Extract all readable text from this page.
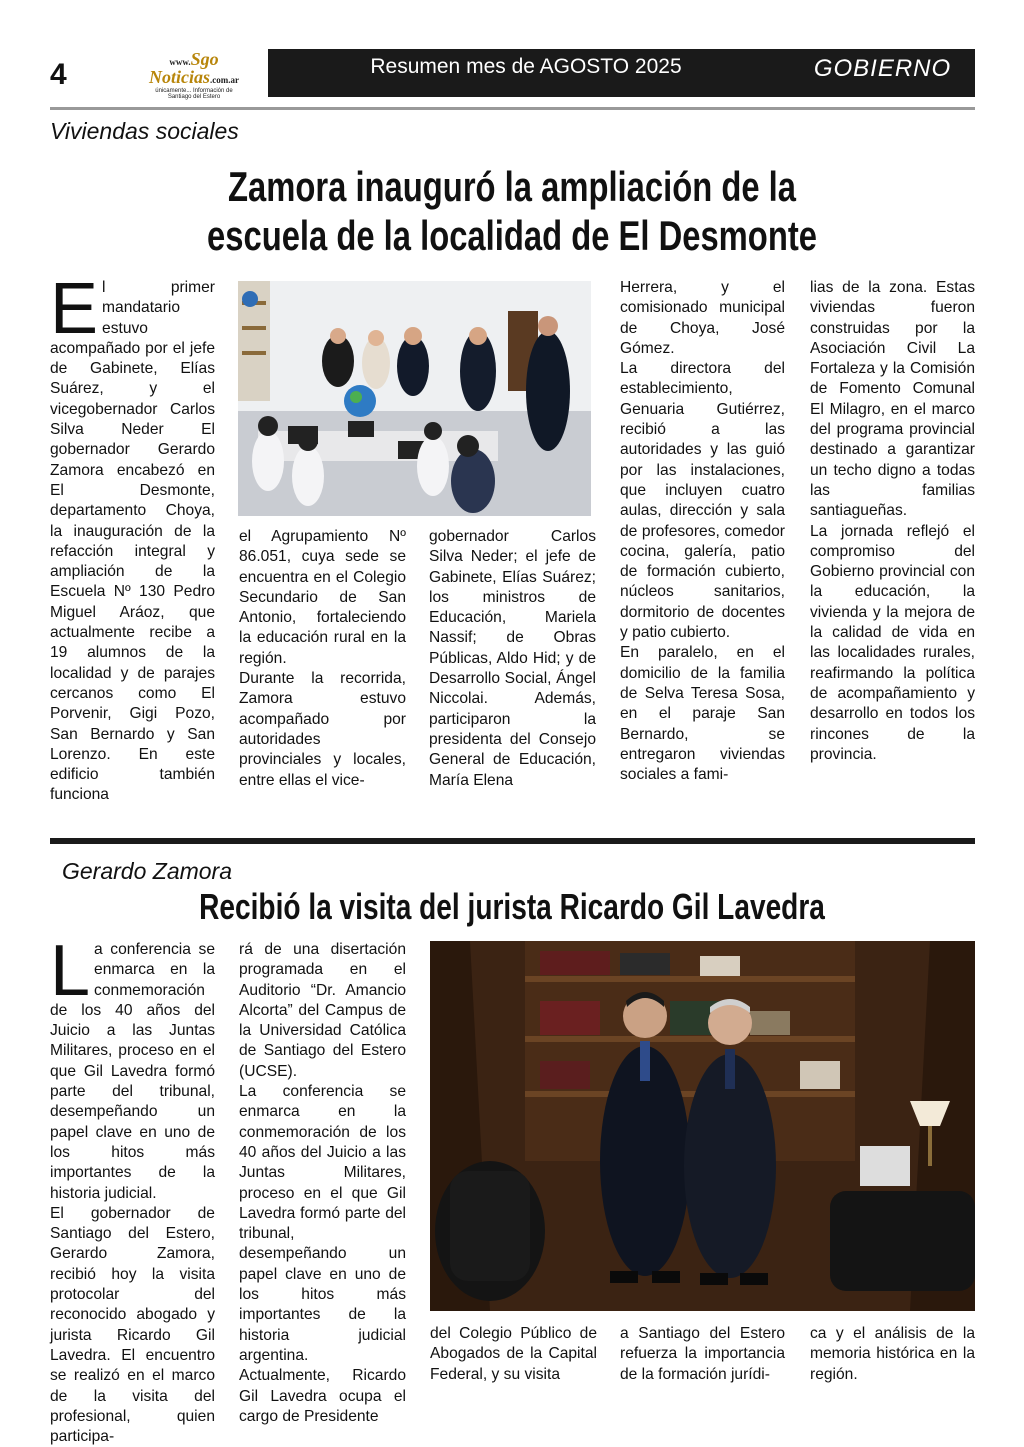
4	www.Sgo Noticias.com.ar
únicamente... Información de
Santiago del Estero
Resumen mes de AGOSTO 2025	GOBIERNO
Viviendas sociales
Zamora inauguró la ampliación de la
escuela de la localidad de El Desmonte
El primer mandatario estuvo acompañado por el jefe de Gabinete, Elías Suárez, y el vicegobernador Carlos Silva Neder El gobernador Gerardo Zamora encabezó en El Desmonte, departamento Choya, la inauguración de la refacción integral y ampliación de la Escuela Nº 130 Pedro Miguel Aráoz, que actualmente recibe a 19 alumnos de la localidad y de parajes cercanos como El Porvenir, Gigi Pozo, San Bernardo y San Lorenzo. En este edificio también funciona

el Agrupamiento Nº 86.051, cuya sede se encuentra en el Colegio Secundario de San Antonio, fortaleciendo la educación rural en la región.

Durante la recorrida, Zamora estuvo acompañado por autoridades provinciales y locales, entre ellas el vice-

gobernador Carlos Silva Neder; el jefe de Gabinete, Elías Suárez; los ministros de Educación, Mariela Nassif; de Obras Públicas, Aldo Hid; y de Desarrollo Social, Ángel Niccolai. Además, participaron la presidenta del Consejo General de Educación, María Elena

Herrera, y el comisionado municipal de Choya, José Gómez.

La directora del establecimiento, Genuaria Gutiérrez, recibió a las autoridades y las guió por las instalaciones, que incluyen cuatro aulas, dirección y sala de profesores, comedor cocina, galería, patio de formación cubierto, núcleos sanitarios, dormitorio de docentes y patio cubierto.

En paralelo, en el domicilio de la familia de Selva Teresa Sosa, en el paraje San Bernardo, se entregaron viviendas sociales a fami-

lias de la zona. Estas viviendas fueron construidas por la Asociación Civil La Fortaleza y la Comisión de Fomento Comunal El Milagro, en el marco del programa provincial destinado a garantizar un techo digno a todas las familias santiagueñas.

La jornada reflejó el compromiso del Gobierno provincial con la educación, la vivienda y la mejora de la calidad de vida en las localidades rurales, reafirmando la política de acompañamiento y desarrollo en todos los rincones de la provincia.

Gerardo Zamora
Recibió la visita del jurista Ricardo Gil Lavedra

La conferencia se enmarca en la conmemoración de los 40 años del Juicio a las Juntas Militares, proceso en el que Gil Lavedra formó parte del tribunal, desempeñando un papel clave en uno de los hitos más importantes de la historia judicial.

El gobernador de Santiago del Estero, Gerardo Zamora, recibió hoy la visita protocolar del reconocido abogado y jurista Ricardo Gil Lavedra. El encuentro se realizó en el marco de la visita del profesional, quien participa-

rá de una disertación programada en el Auditorio “Dr. Amancio Alcorta” del Campus de la Universidad Católica de Santiago del Estero (UCSE).

La conferencia se enmarca en la conmemoración de los 40 años del Juicio a las Juntas Militares, proceso en el que Gil Lavedra formó parte del tribunal, desempeñando un papel clave en uno de los hitos más importantes de la historia judicial argentina.

Actualmente, Ricardo Gil Lavedra ocupa el cargo de Presidente

del Colegio Público de Abogados de la Capital Federal, y su visita

a Santiago del Estero refuerza la importancia de la formación jurídi-

ca y el análisis de la memoria histórica en la región.
